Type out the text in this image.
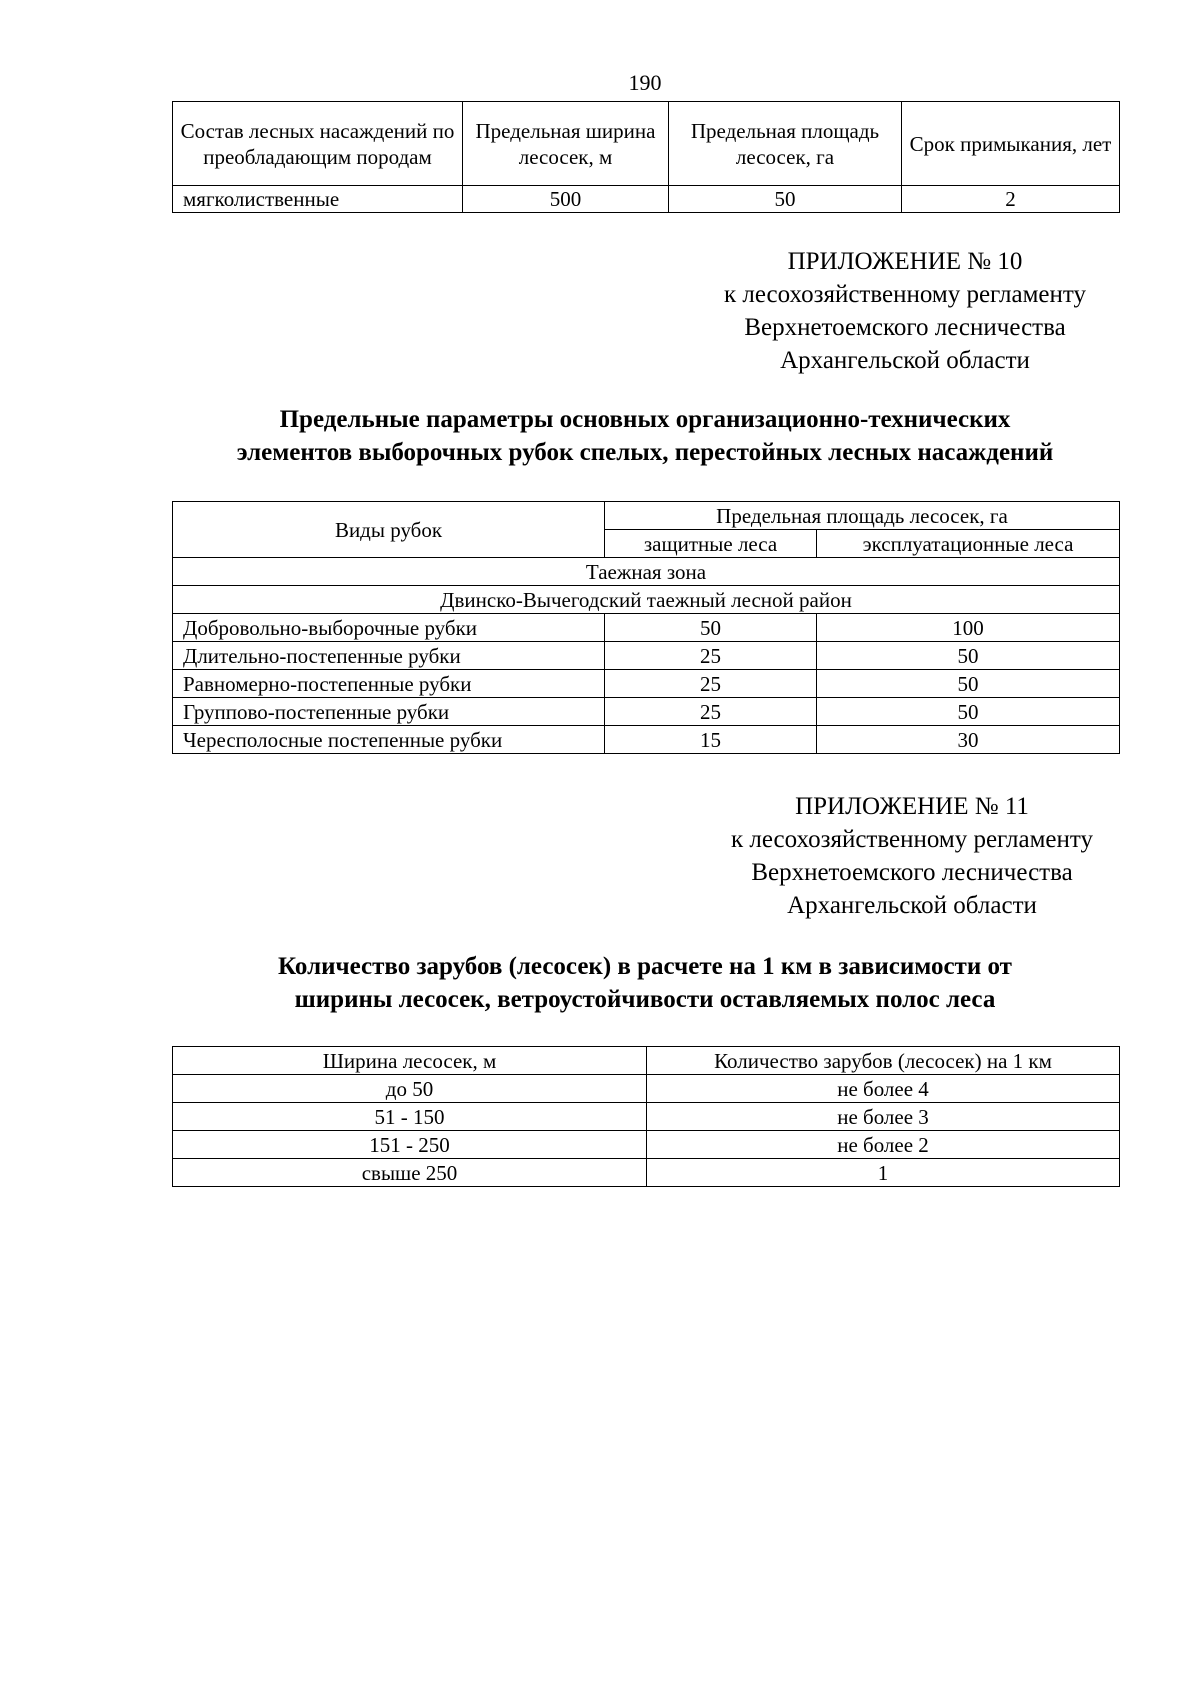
190
Состав лесных насаждений по преобладающим породам	Предельная ширина лесосек, м	Предельная площадь лесосек, га	Срок примыкания, лет
мягколиственные	500	50	2
ПРИЛОЖЕНИЕ № 10
к лесохозяйственному регламенту
Верхнетоемского лесничества
Архангельской области
Предельные параметры основных организационно-технических
элементов выборочных рубок спелых, перестойных лесных насаждений
Виды рубок	Предельная площадь лесосек, га	
	защитные леса	эксплуатационные леса
Таежная зона		
Двинско-Вычегодский таежный лесной район		
Добровольно-выборочные рубки	50	100
Длительно-постепенные рубки	25	50
Равномерно-постепенные рубки	25	50
Группово-постепенные рубки	25	50
Чересполосные постепенные рубки	15	30
ПРИЛОЖЕНИЕ № 11
к лесохозяйственному регламенту
Верхнетоемского лесничества
Архангельской области
Количество зарубов (лесосек) в расчете на 1 км в зависимости от
ширины лесосек, ветроустойчивости оставляемых полос леса
Ширина лесосек, м	Количество зарубов (лесосек) на 1 км
до 50	не более 4
51 - 150	не более 3
151 - 250	не более 2
свыше 250	1
